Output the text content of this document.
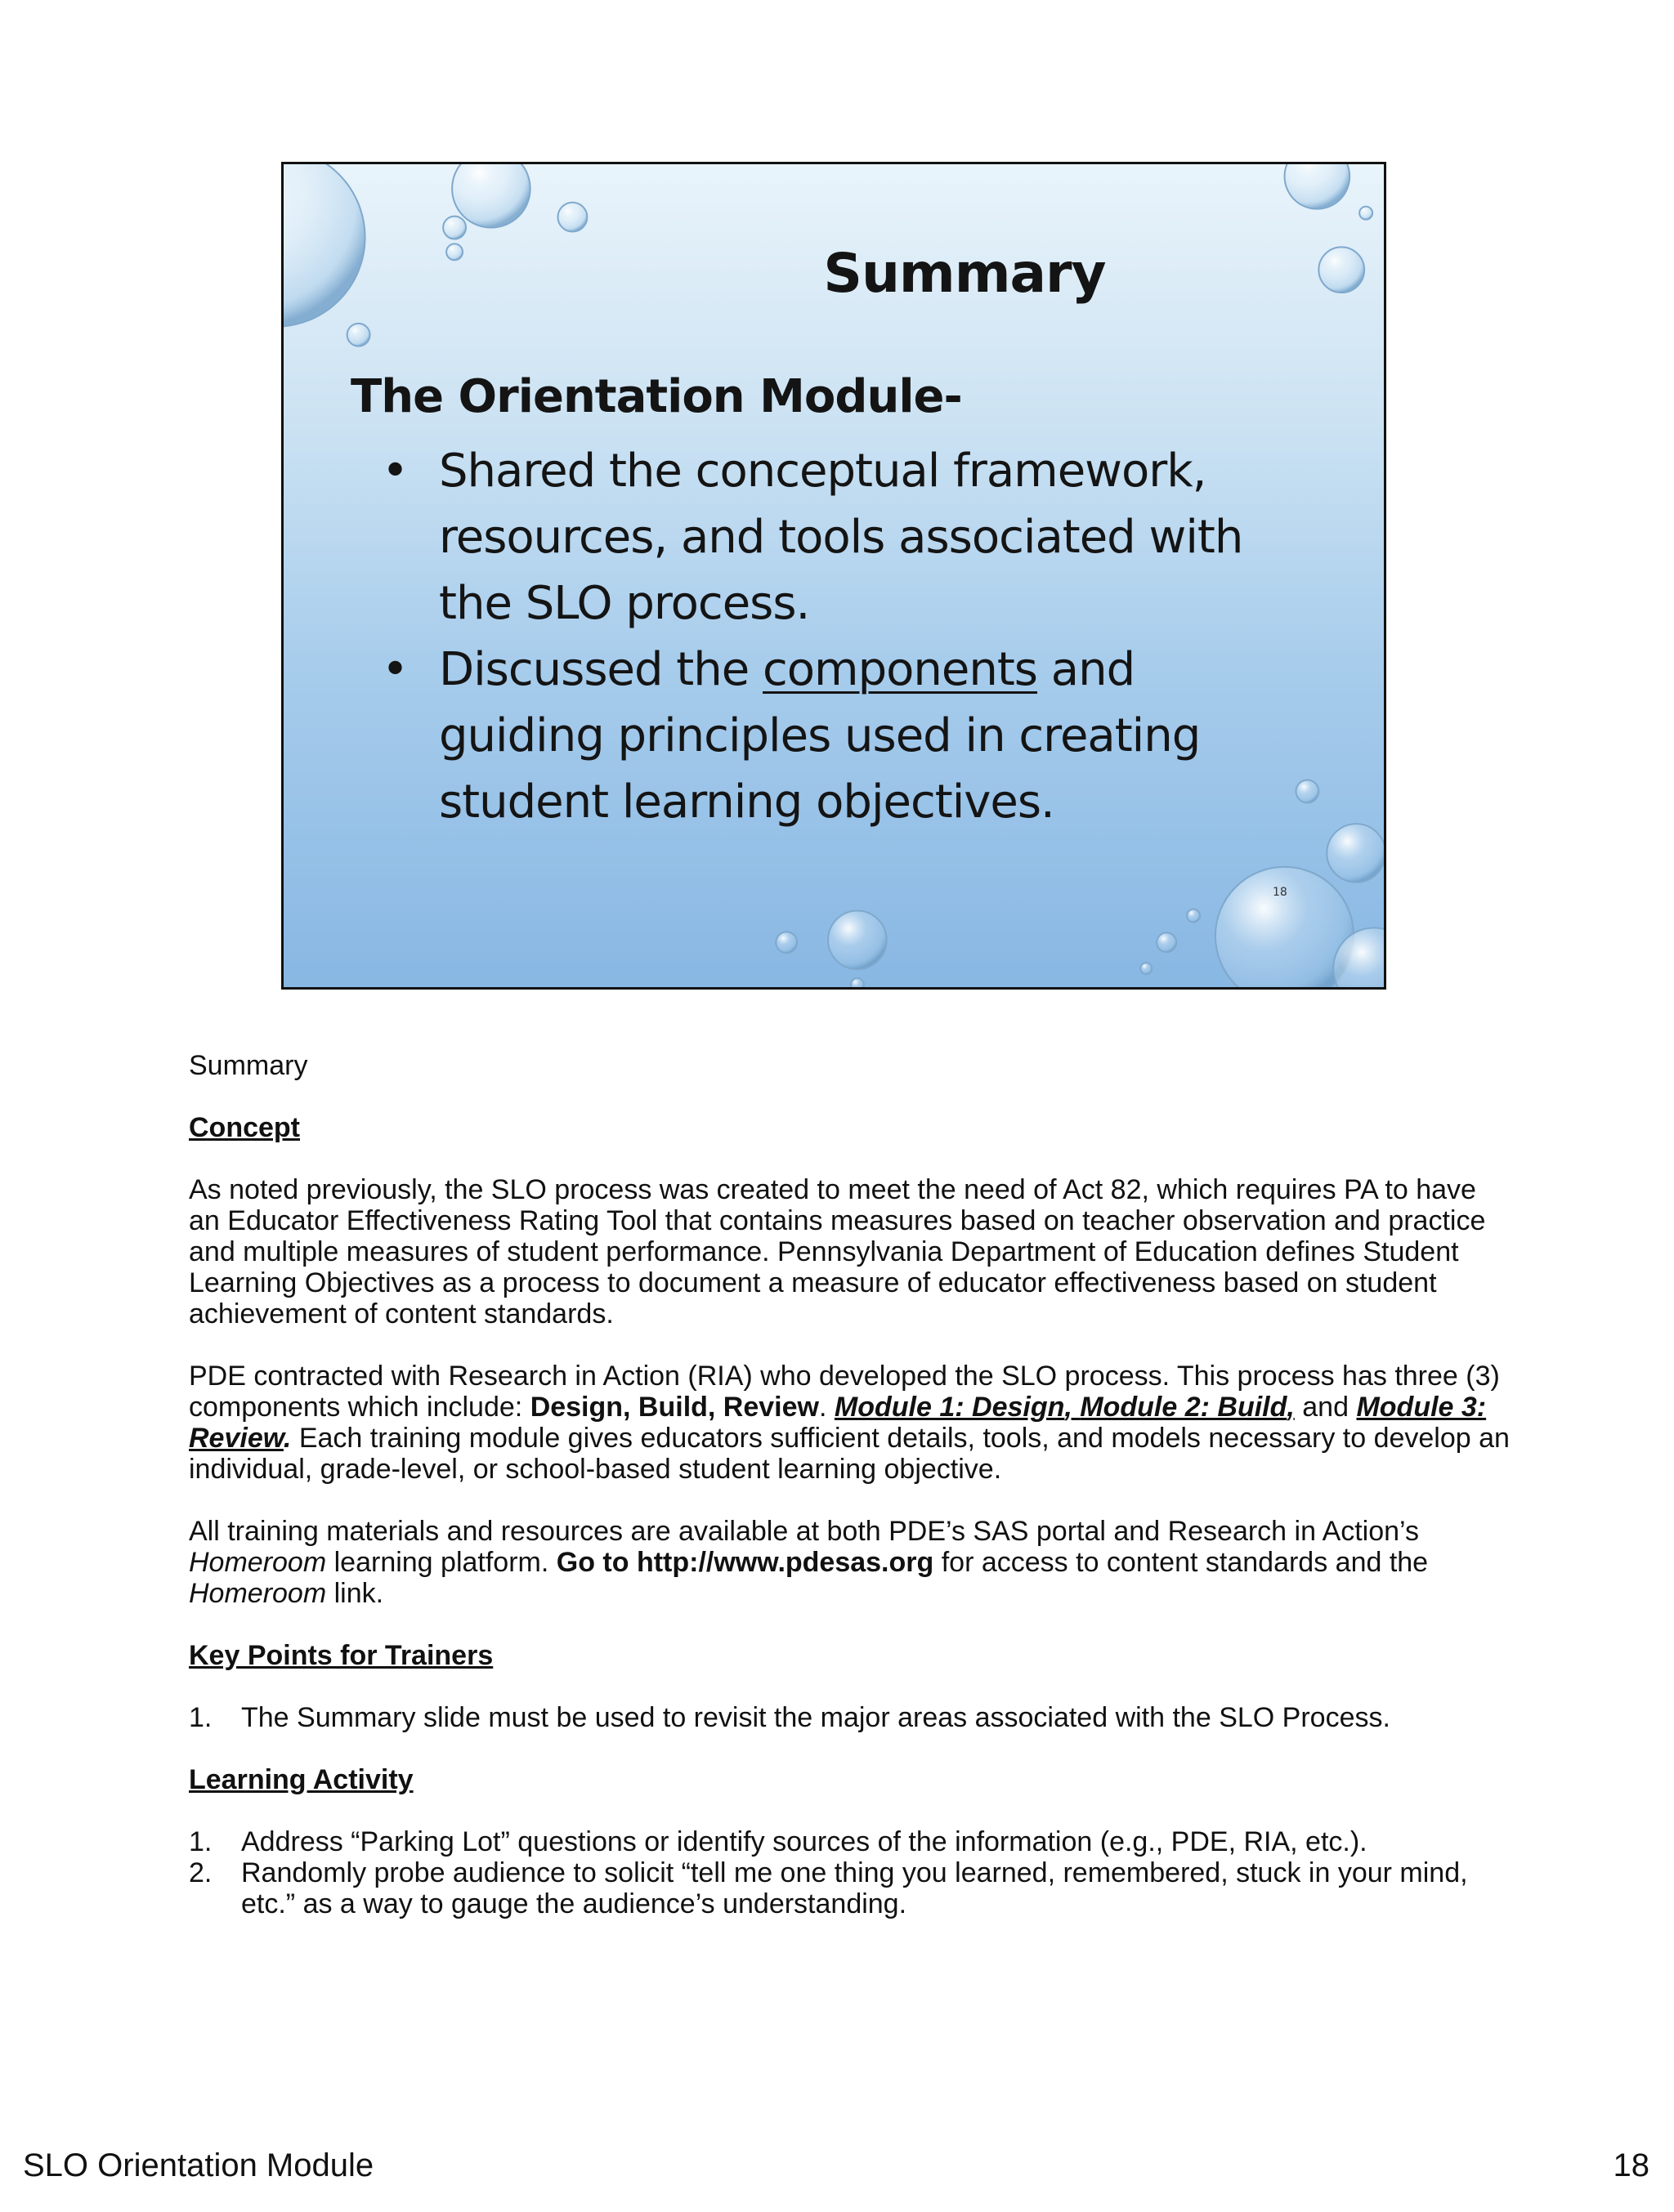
Summary
The Orientation Module-
• Shared the conceptual framework, resources, and tools associated with the SLO process.
• Discussed the components and guiding principles used in creating student learning objectives.
18

Summary

Concept

As noted previously, the SLO process was created to meet the need of Act 82, which requires PA to have an Educator Effectiveness Rating Tool that contains measures based on teacher observation and practice and multiple measures of student performance. Pennsylvania Department of Education defines Student Learning Objectives as a process to document a measure of educator effectiveness based on student achievement of content standards.

PDE contracted with Research in Action (RIA) who developed the SLO process. This process has three (3) components which include: Design, Build, Review. Module 1: Design, Module 2: Build, and Module 3: Review. Each training module gives educators sufficient details, tools, and models necessary to develop an individual, grade-level, or school-based student learning objective.

All training materials and resources are available at both PDE’s SAS portal and Research in Action’s Homeroom learning platform. Go to http://www.pdesas.org for access to content standards and the Homeroom link.

Key Points for Trainers

1. The Summary slide must be used to revisit the major areas associated with the SLO Process.

Learning Activity

1. Address “Parking Lot” questions or identify sources of the information (e.g., PDE, RIA, etc.).
2. Randomly probe audience to solicit “tell me one thing you learned, remembered, stuck in your mind, etc.” as a way to gauge the audience’s understanding.
SLO Orientation Module	18
